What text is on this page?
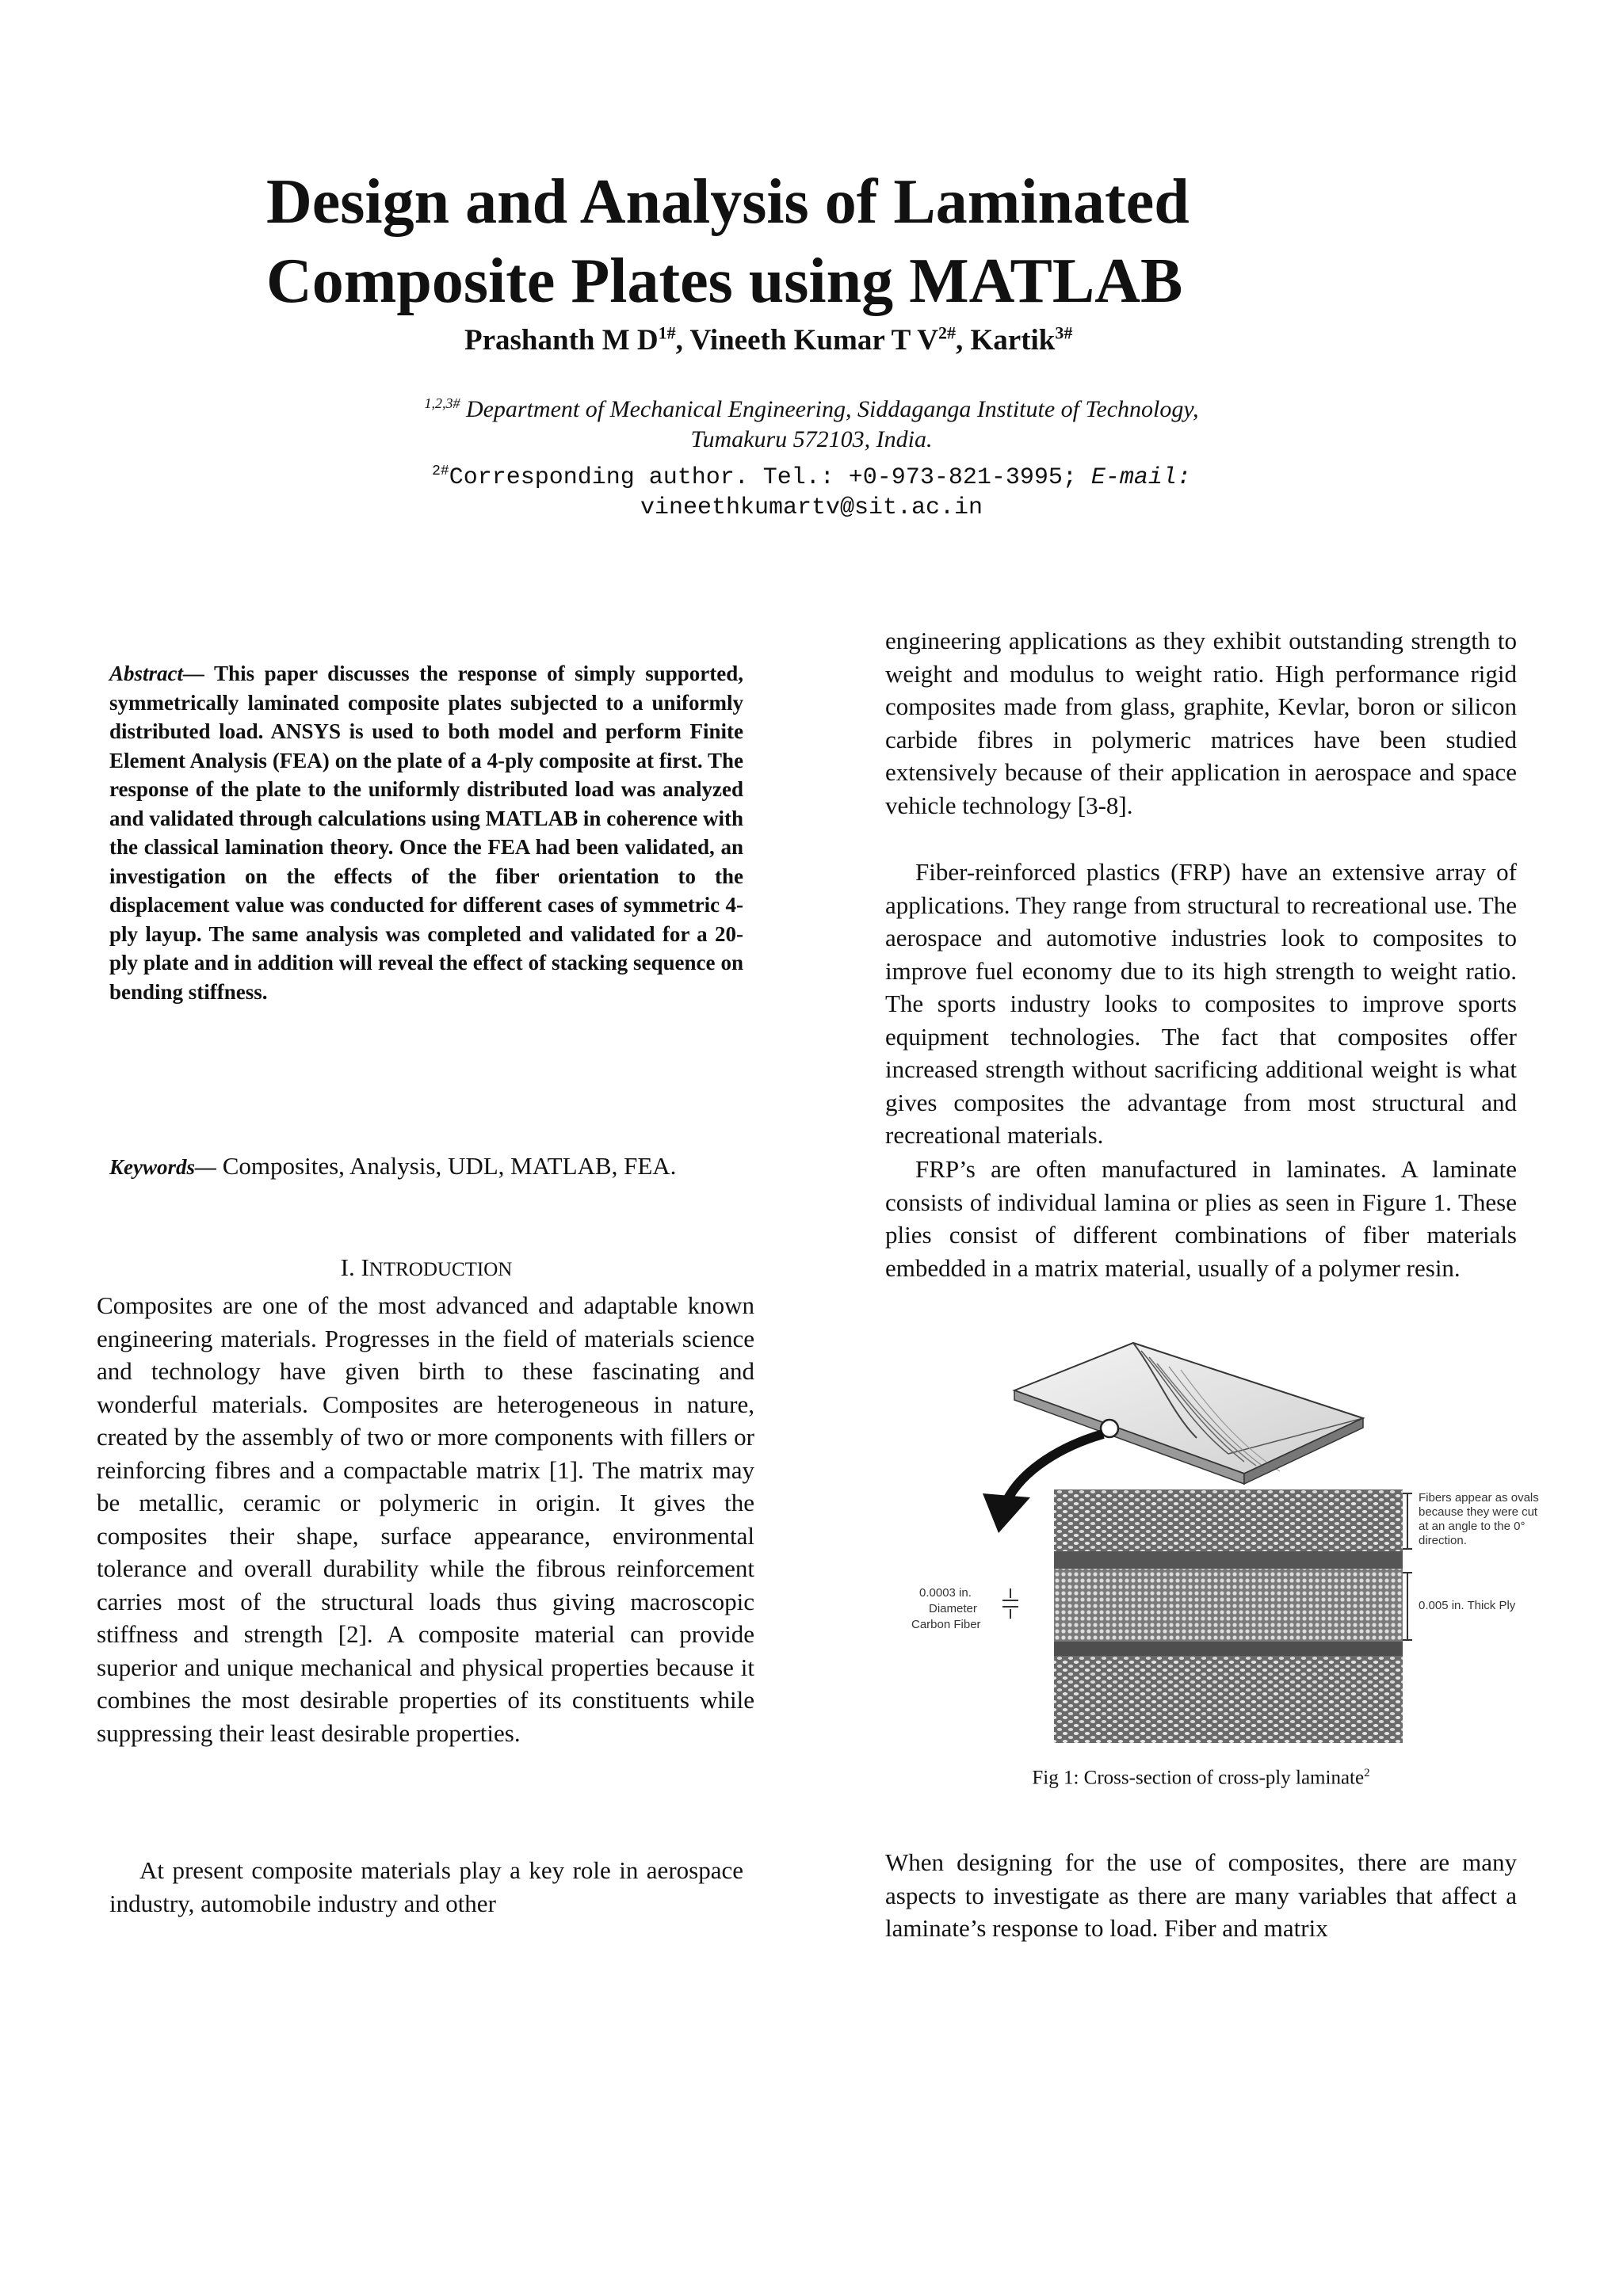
Design and Analysis of Laminated
Composite Plates using MATLAB
Prashanth M $D^{1\#}$, Vineeth Kumar T $V^{2\#}$, Kartik$^{3\#}$
$^{1,2,3\#}$ Department of Mechanical Engineering, Siddaganga Institute of Technology,
Tumakuru 572103, India.
$^{2\#}$Corresponding author. Tel.: +0-973-821-3995; E-mail:
vineethkumartv@sit.ac.in

Abstract— This paper discusses the response of simply supported, symmetrically laminated composite plates subjected to a uniformly distributed load. ANSYS is used to both model and perform Finite Element Analysis (FEA) on the plate of a 4-ply composite at first. The response of the plate to the uniformly distributed load was analyzed and validated through calculations using MATLAB in coherence with the classical lamination theory. Once the FEA had been validated, an investigation on the effects of the fiber orientation to the displacement value was conducted for different cases of symmetric 4-ply layup. The same analysis was completed and validated for a 20-ply plate and in addition will reveal the effect of stacking sequence on bending stiffness.

Keywords— Composites, Analysis, UDL, MATLAB, FEA.

I. INTRODUCTION

Composites are one of the most advanced and adaptable known engineering materials. Progresses in the field of materials science and technology have given birth to these fascinating and wonderful materials. Composites are heterogeneous in nature, created by the assembly of two or more components with fillers or reinforcing fibres and a compactable matrix [1]. The matrix may be metallic, ceramic or polymeric in origin. It gives the composites their shape, surface appearance, environmental tolerance and overall durability while the fibrous reinforcement carries most of the structural loads thus giving macroscopic stiffness and strength [2]. A composite material can provide superior and unique mechanical and physical properties because it combines the most desirable properties of its constituents while suppressing their least desirable properties.

At present composite materials play a key role in aerospace industry, automobile industry and other

engineering applications as they exhibit outstanding strength to weight and modulus to weight ratio. High performance rigid composites made from glass, graphite, Kevlar, boron or silicon carbide fibres in polymeric matrices have been studied extensively because of their application in aerospace and space vehicle technology [3-8].

Fiber-reinforced plastics (FRP) have an extensive array of applications. They range from structural to recreational use. The aerospace and automotive industries look to composites to improve fuel economy due to its high strength to weight ratio. The sports industry looks to composites to improve sports equipment technologies. The fact that composites offer increased strength without sacrificing additional weight is what gives composites the advantage from most structural and recreational materials.

FRP’s are often manufactured in laminates. A laminate consists of individual lamina or plies as seen in Figure 1. These plies consist of different combinations of fiber materials embedded in a matrix material, usually of a polymer resin.

Fibers appear as ovals
because they were cut
at an angle to the 0°
direction.
0.005 in. Thick Ply
0.0003 in.
Diameter
Carbon Fiber
Fig 1: Cross-section of cross-ply laminate$^2$

When designing for the use of composites, there are many aspects to investigate as there are many variables that affect a laminate’s response to load. Fiber and matrix
